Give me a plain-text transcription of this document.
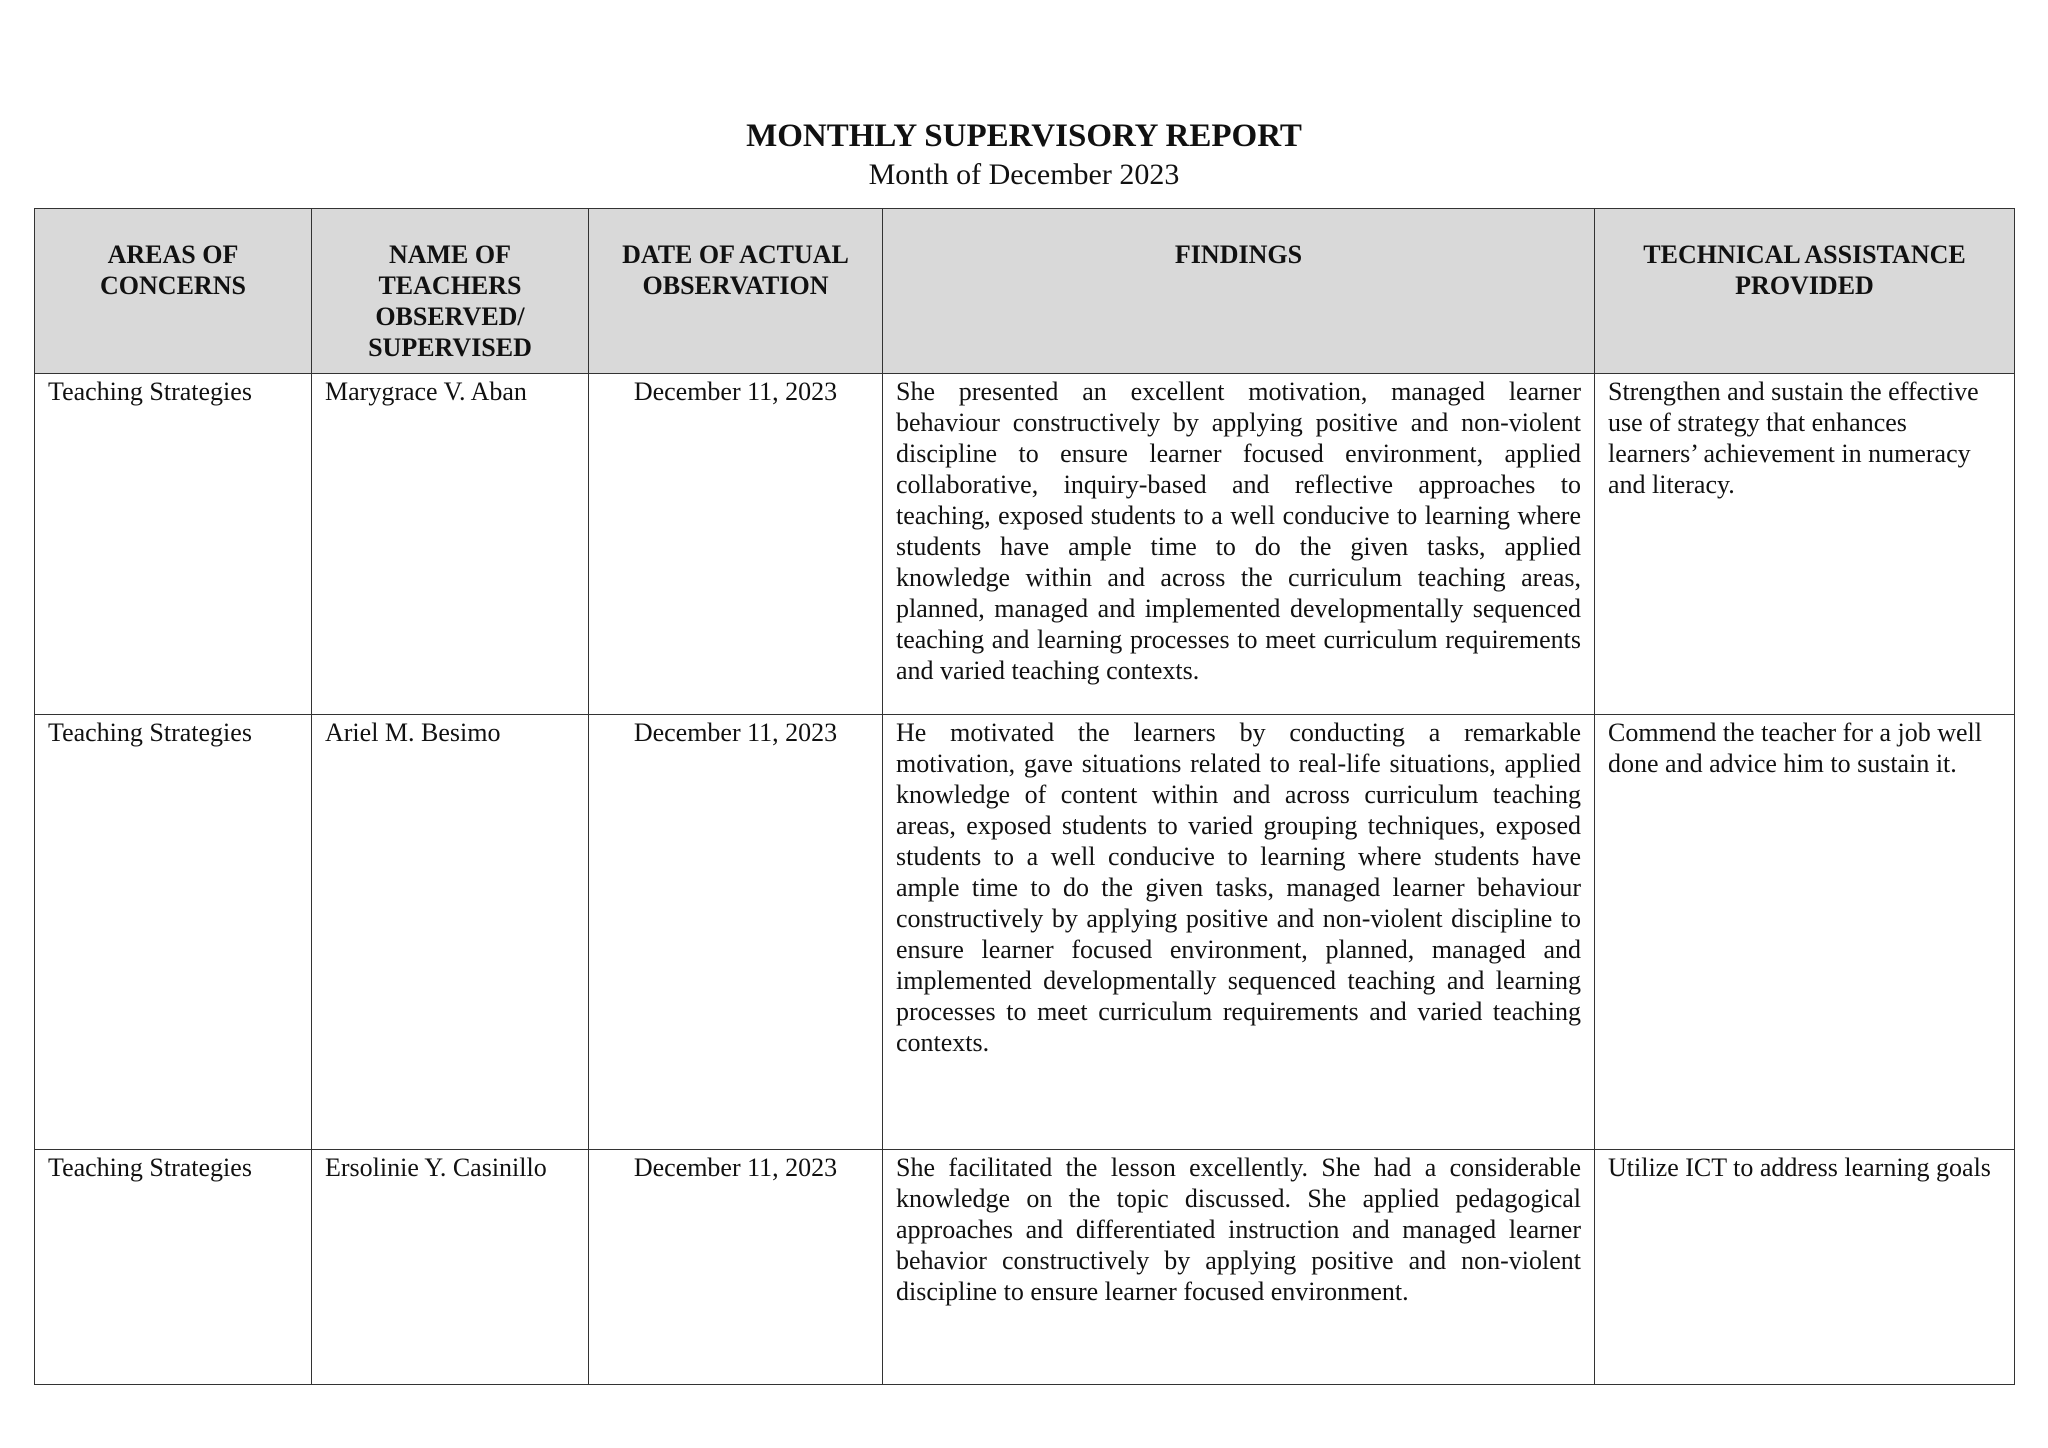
MONTHLY SUPERVISORY REPORT

Month of December 2023

AREAS OF CONCERNS	NAME OF TEACHERS OBSERVED/ SUPERVISED	DATE OF ACTUAL OBSERVATION	FINDINGS	TECHNICAL ASSISTANCE PROVIDED
Teaching Strategies	Marygrace V. Aban	December 11, 2023	She presented an excellent motivation, managed learner behaviour constructively by applying positive and non-violent discipline to ensure learner focused environment, applied collaborative, inquiry-based and reflective approaches to teaching, exposed students to a well conducive to learning where students have ample time to do the given tasks, applied knowledge within and across the curriculum teaching areas, planned, managed and implemented developmentally sequenced teaching and learning processes to meet curriculum requirements and varied teaching contexts.	Strengthen and sustain the effective use of strategy that enhances learners’ achievement in numeracy and literacy.
Teaching Strategies	Ariel M. Besimo	December 11, 2023	He motivated the learners by conducting a remarkable motivation, gave situations related to real-life situations, applied knowledge of content within and across curriculum teaching areas, exposed students to varied grouping techniques, exposed students to a well conducive to learning where students have ample time to do the given tasks, managed learner behaviour constructively by applying positive and non-violent discipline to ensure learner focused environment, planned, managed and implemented developmentally sequenced teaching and learning processes to meet curriculum requirements and varied teaching contexts.	Commend the teacher for a job well done and advice him to sustain it.
Teaching Strategies	Ersolinie Y. Casinillo	December 11, 2023	She facilitated the lesson excellently. She had a considerable knowledge on the topic discussed. She applied pedagogical approaches and differentiated instruction and managed learner behavior constructively by applying positive and non-violent discipline to ensure learner focused environment.	Utilize ICT to address learning goals
